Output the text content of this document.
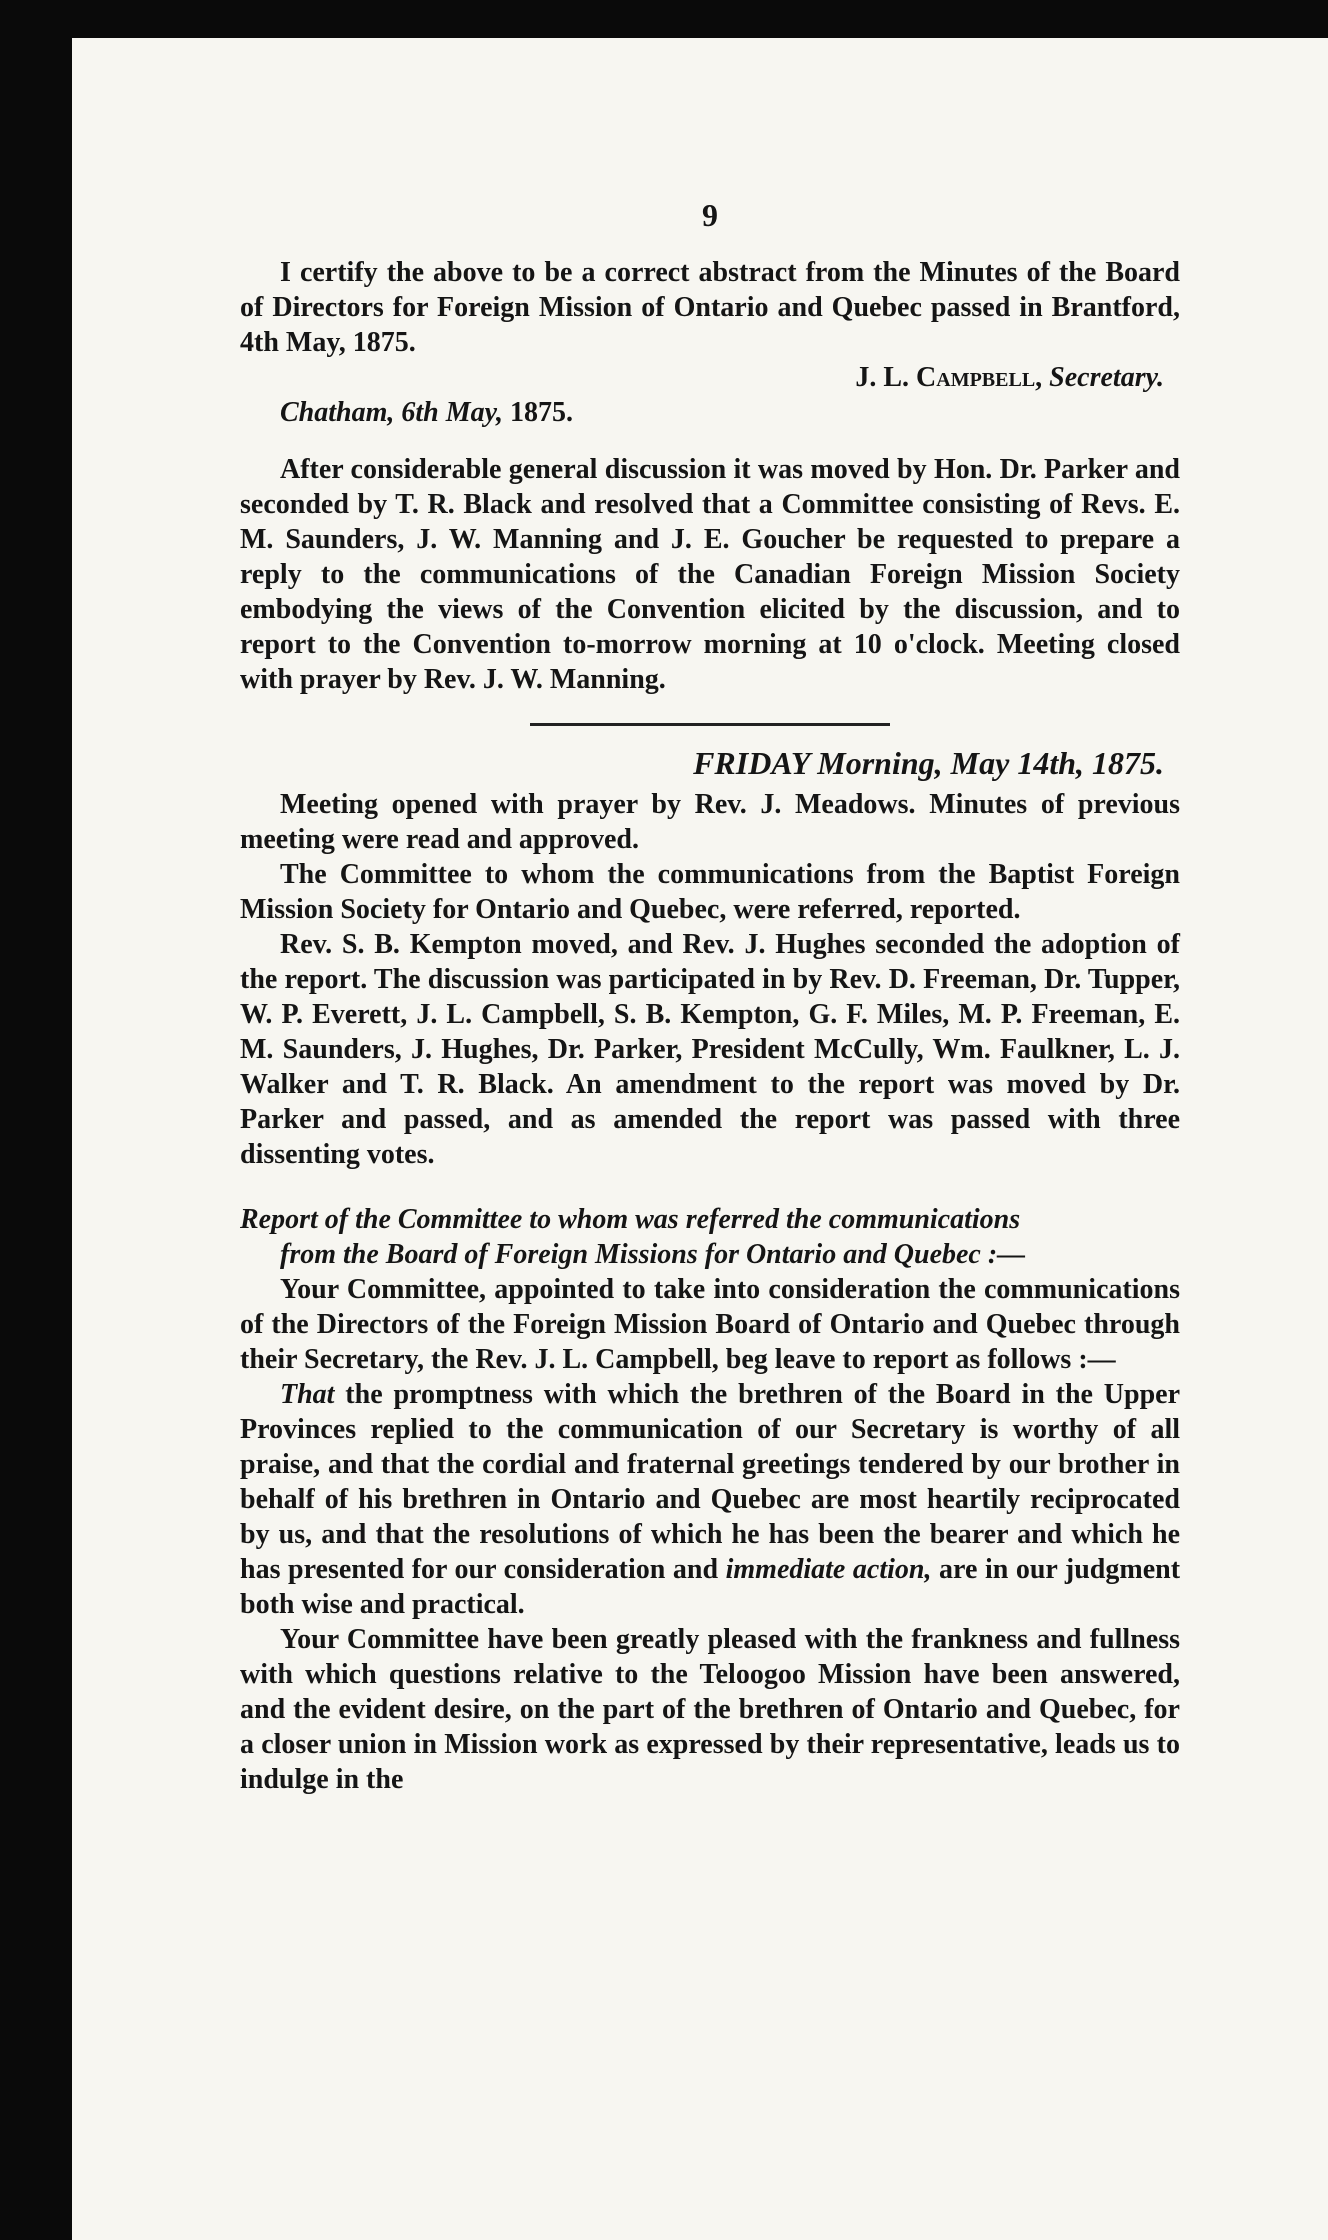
9

I certify the above to be a correct abstract from the Minutes of the Board of Directors for Foreign Mission of Ontario and Quebec passed in Brantford, 4th May, 1875.

J. L. Campbell, Secretary.

Chatham, 6th May, 1875.

After considerable general discussion it was moved by Hon. Dr. Parker and seconded by T. R. Black and resolved that a Committee consisting of Revs. E. M. Saunders, J. W. Manning and J. E. Goucher be requested to prepare a reply to the communications of the Canadian Foreign Mission Society embodying the views of the Convention elicited by the discussion, and to report to the Convention to-morrow morning at 10 o'clock. Meeting closed with prayer by Rev. J. W. Manning.

FRIDAY Morning, May 14th, 1875.

Meeting opened with prayer by Rev. J. Meadows. Minutes of previous meeting were read and approved.

The Committee to whom the communications from the Baptist Foreign Mission Society for Ontario and Quebec, were referred, reported.

Rev. S. B. Kempton moved, and Rev. J. Hughes seconded the adoption of the report. The discussion was participated in by Rev. D. Freeman, Dr. Tupper, W. P. Everett, J. L. Campbell, S. B. Kempton, G. F. Miles, M. P. Freeman, E. M. Saunders, J. Hughes, Dr. Parker, President McCully, Wm. Faulkner, L. J. Walker and T. R. Black. An amendment to the report was moved by Dr. Parker and passed, and as amended the report was passed with three dissenting votes.

Report of the Committee to whom was referred the communications
from the Board of Foreign Missions for Ontario and Quebec :—

Your Committee, appointed to take into consideration the communications of the Directors of the Foreign Mission Board of Ontario and Quebec through their Secretary, the Rev. J. L. Campbell, beg leave to report as follows :—

That the promptness with which the brethren of the Board in the Upper Provinces replied to the communication of our Secretary is worthy of all praise, and that the cordial and fraternal greetings tendered by our brother in behalf of his brethren in Ontario and Quebec are most heartily reciprocated by us, and that the resolutions of which he has been the bearer and which he has presented for our consideration and immediate action, are in our judgment both wise and practical.

Your Committee have been greatly pleased with the frankness and fullness with which questions relative to the Teloogoo Mission have been answered, and the evident desire, on the part of the brethren of Ontario and Quebec, for a closer union in Mission work as expressed by their representative, leads us to indulge in the
